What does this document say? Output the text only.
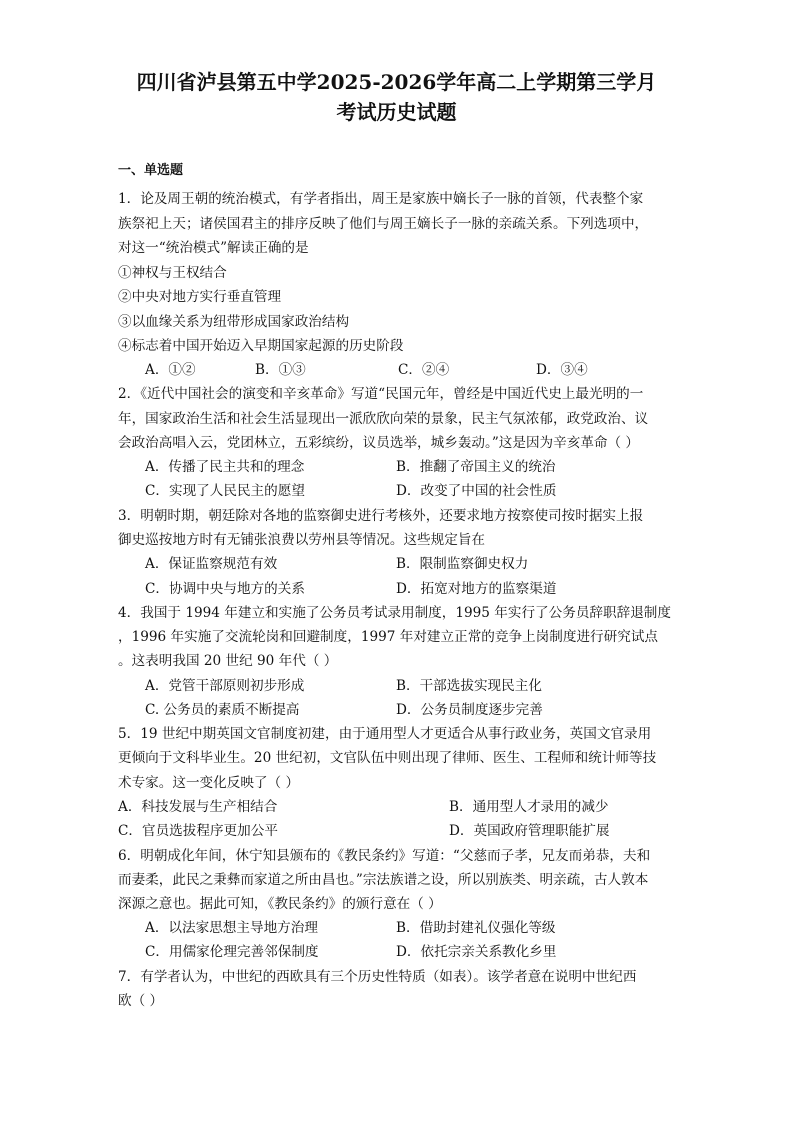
四川省泸县第五中学2025-2026学年高二上学期第三学月
考试历史试题
一、单选题
1．论及周王朝的统治模式，有学者指出，周王是家族中嫡长子一脉的首领，代表整个家
族祭祀上天；诸侯国君主的排序反映了他们与周王嫡长子一脉的亲疏关系。下列选项中，
对这一“统治模式”解读正确的是
①神权与王权结合
②中央对地方实行垂直管理
③以血缘关系为纽带形成国家政治结构
④标志着中国开始迈入早期国家起源的历史阶段
A．①②	B．①③	C．②④	D．③④
2．《近代中国社会的演变和辛亥革命》写道“民国元年，曾经是中国近代史上最光明的一
年，国家政治生活和社会生活显现出一派欣欣向荣的景象，民主气氛浓郁，政党政治、议
会政治高唱入云，党团林立，五彩缤纷，议员选举，城乡轰动。”这是因为辛亥革命（ ）
A．传播了民主共和的理念	B．推翻了帝国主义的统治
C．实现了人民民主的愿望	D．改变了中国的社会性质
3．明朝时期，朝廷除对各地的监察御史进行考核外，还要求地方按察使司按时据实上报
御史巡按地方时有无铺张浪费以劳州县等情况。这些规定旨在
A．保证监察规范有效	B．限制监察御史权力
C．协调中央与地方的关系	D．拓宽对地方的监察渠道
4．我国于 1994 年建立和实施了公务员考试录用制度，1995 年实行了公务员辞职辞退制度
，1996 年实施了交流轮岗和回避制度，1997 年对建立正常的竞争上岗制度进行研究试点
。这表明我国 20 世纪 90 年代（ ）
A．党管干部原则初步形成	B．干部选拔实现民主化
C. 公务员的素质不断提高	D．公务员制度逐步完善
5．19 世纪中期英国文官制度初建，由于通用型人才更适合从事行政业务，英国文官录用
更倾向于文科毕业生。20 世纪初，文官队伍中则出现了律师、医生、工程师和统计师等技
术专家。这一变化反映了（ ）
A．科技发展与生产相结合	B．通用型人才录用的减少
C．官员选拔程序更加公平	D．英国政府管理职能扩展
6．明朝成化年间，休宁知县颁布的《教民条约》写道：“父慈而子孝，兄友而弟恭，夫和
而妻柔，此民之秉彝而家道之所由昌也。”宗法族谱之设，所以别族类、明亲疏，古人敦本
深源之意也。据此可知，《教民条约》的颁行意在（ ）
A．以法家思想主导地方治理	B．借助封建礼仪强化等级
C．用儒家伦理完善邻保制度	D．依托宗亲关系教化乡里
7．有学者认为，中世纪的西欧具有三个历史性特质（如表）。该学者意在说明中世纪西
欧（ ）
